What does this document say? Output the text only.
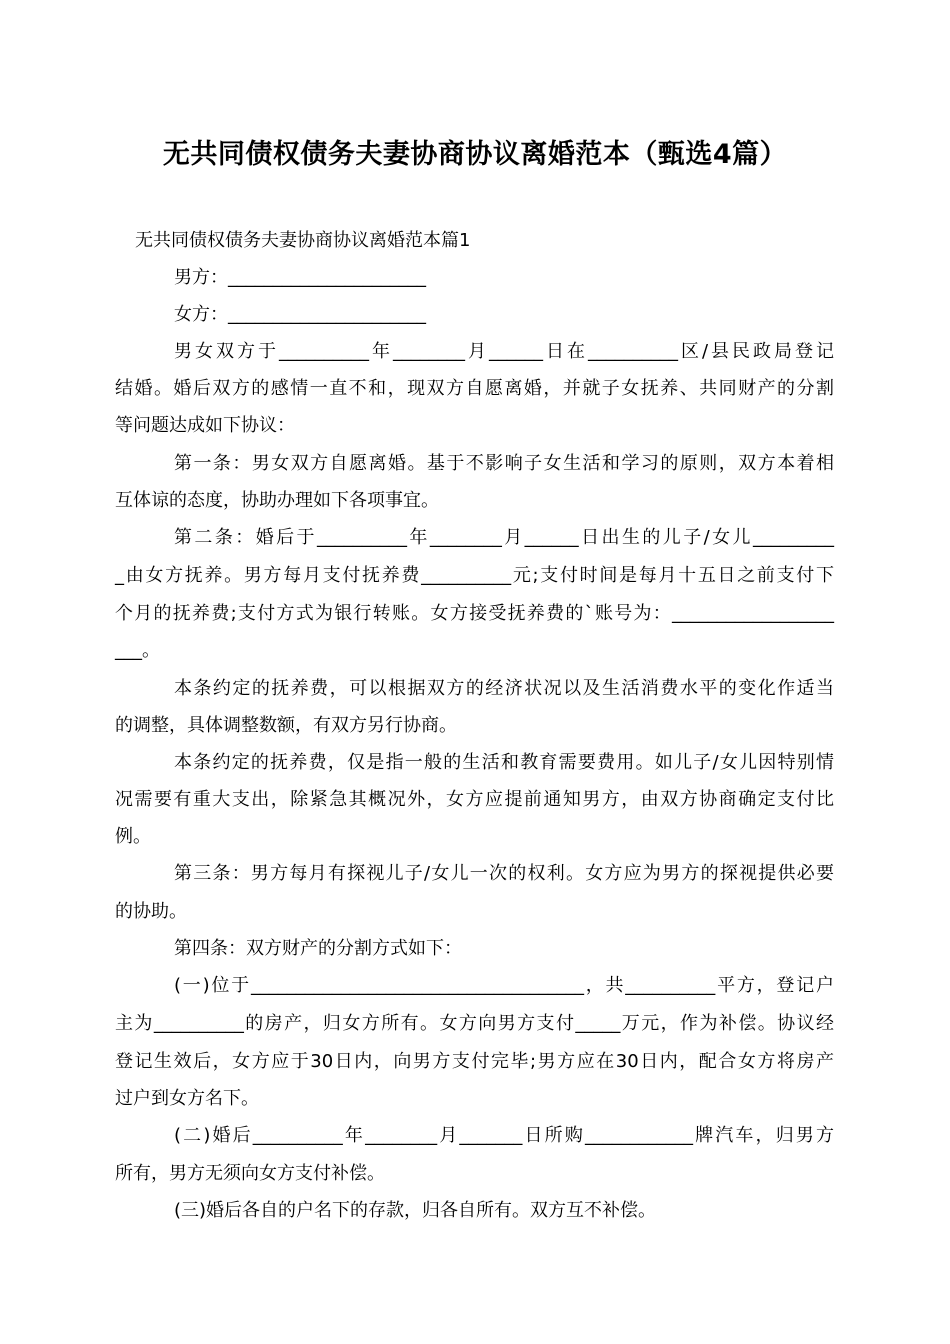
无共同债权债务夫妻协商协议离婚范本（甄选4篇）
无共同债权债务夫妻协商协议离婚范本篇1
男方：______________________
女方：______________________
男女双方于__________年________月______日在__________区/县民政局登记
结婚。婚后双方的感情一直不和，现双方自愿离婚，并就子女抚养、共同财产的分割
等问题达成如下协议：
第一条：男女双方自愿离婚。基于不影响子女生活和学习的原则，双方本着相
互体谅的态度，协助办理如下各项事宜。
第二条：婚后于__________年________月______日出生的儿子/女儿_________
_由女方抚养。男方每月支付抚养费__________元;支付时间是每月十五日之前支付下
个月的抚养费;支付方式为银行转账。女方接受抚养费的`账号为：__________________
___。
本条约定的抚养费，可以根据双方的经济状况以及生活消费水平的变化作适当
的调整，具体调整数额，有双方另行协商。
本条约定的抚养费，仅是指一般的生活和教育需要费用。如儿子/女儿因特别情
况需要有重大支出，除紧急其概况外，女方应提前通知男方，由双方协商确定支付比
例。
第三条：男方每月有探视儿子/女儿一次的权利。女方应为男方的探视提供必要
的协助。
第四条：双方财产的分割方式如下：
(一)位于_____________________________________，共__________平方，登记户
主为__________的房产，归女方所有。女方向男方支付_____万元，作为补偿。协议经
登记生效后，女方应于30日内，向男方支付完毕;男方应在30日内，配合女方将房产
过户到女方名下。
(二)婚后__________年________月_______日所购____________牌汽车，归男方
所有，男方无须向女方支付补偿。
(三)婚后各自的户名下的存款，归各自所有。双方互不补偿。
